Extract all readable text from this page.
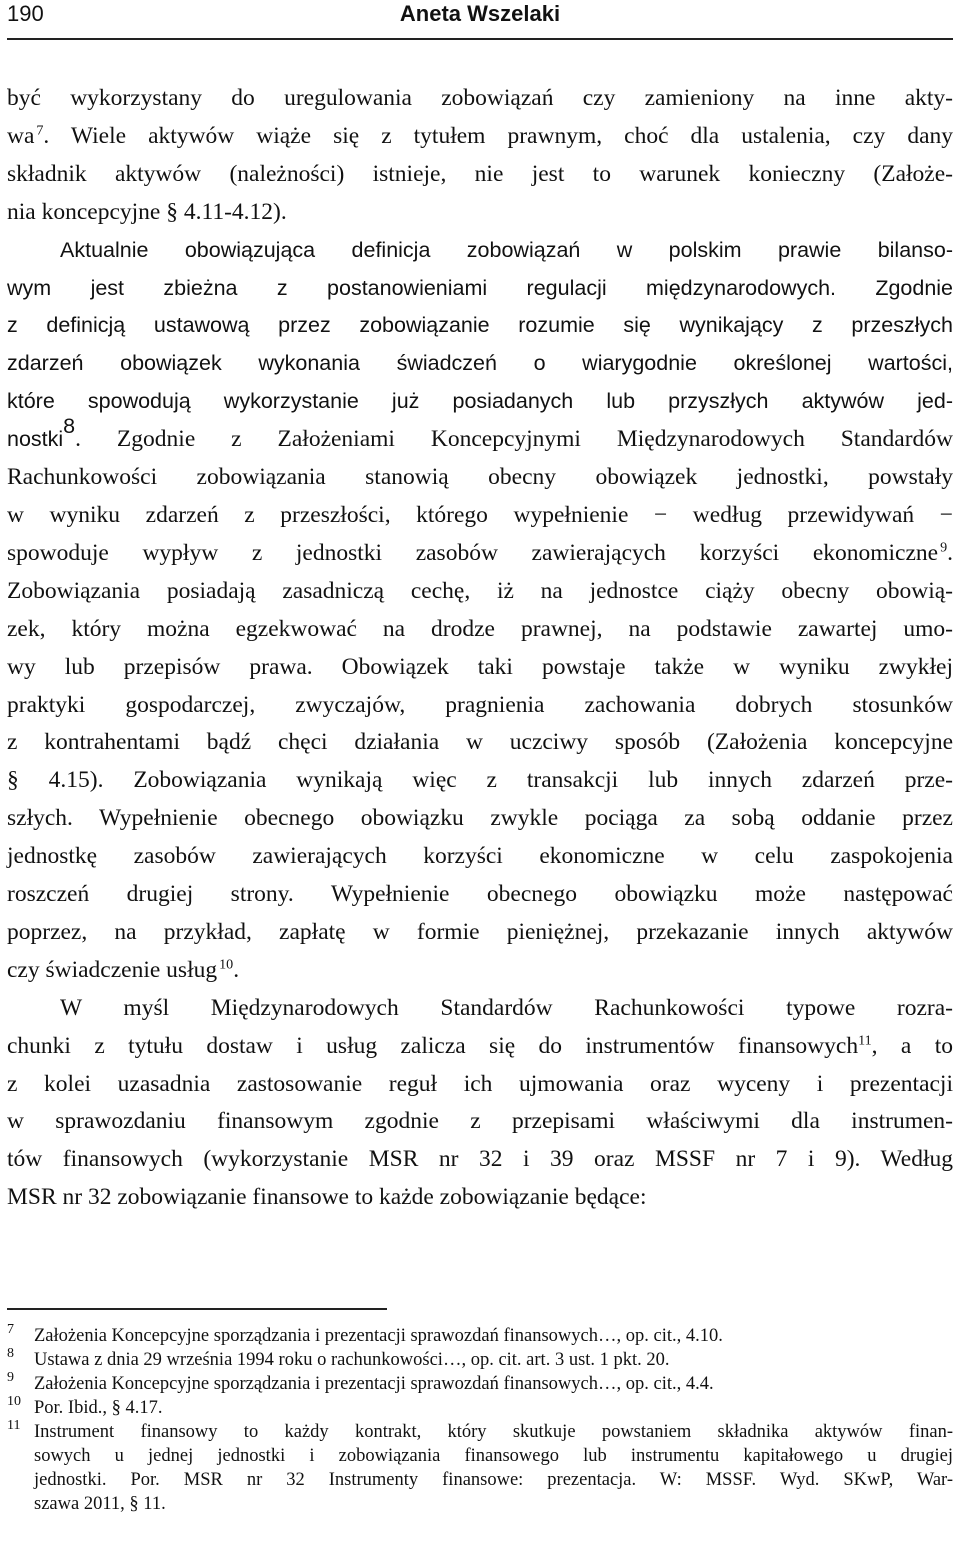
190	Aneta Wszelaki

być wykorzystany do uregulowania zobowiązań czy zamieniony na inne akty-
wa  $^7$. Wiele aktywów wiąże się z tytułem prawnym, choć dla ustalenia, czy dany
składnik aktywów (należności) istnieje, nie jest to warunek konieczny (Założe-
nia koncepcyjne § 4.11-4.12).

Aktualnie obowiązująca definicja zobowiązań w polskim prawie bilanso-
wym jest zbieżna z postanowieniami regulacji międzynarodowych. Zgodnie
z definicją ustawową przez zobowiązanie rozumie się wynikający z przeszłych
zdarzeń obowiązek wykonania świadczeń o wiarygodnie określonej wartości,
które spowodują wykorzystanie już posiadanych lub przyszłych aktywów jed-
nostki$^8$. Zgodnie z Założeniami Koncepcyjnymi Międzynarodowych Standardów
Rachunkowości zobowiązania stanowią obecny obowiązek jednostki, powstały
w wyniku zdarzeń z przeszłości, którego wypełnienie − według przewidywań −
spowoduje wypływ z jednostki zasobów zawierających korzyści ekonomiczne  $^9$.
Zobowiązania posiadają zasadniczą cechę, iż na jednostce ciąży obecny obowią-
zek, który można egzekwować na drodze prawnej, na podstawie zawartej umo-
wy lub przepisów prawa. Obowiązek taki powstaje także w wyniku zwykłej
praktyki gospodarczej, zwyczajów, pragnienia zachowania dobrych stosunków
z kontrahentami bądź chęci działania w uczciwy sposób (Założenia koncepcyjne
§ 4.15). Zobowiązania wynikają więc z transakcji lub innych zdarzeń prze-
szłych. Wypełnienie obecnego obowiązku zwykle pociąga za sobą oddanie przez
jednostkę zasobów zawierających korzyści ekonomiczne w celu zaspokojenia
roszczeń drugiej strony. Wypełnienie obecnego obowiązku może następować
poprzez, na przykład, zapłatę w formie pieniężnej, przekazanie innych aktywów
czy świadczenie usług  $^{10}$.

W myśl Międzynarodowych Standardów Rachunkowości typowe rozra-
chunki z tytułu dostaw i usług zalicza się do instrumentów finansowych$^{11}$, a to
z kolei uzasadnia zastosowanie reguł ich ujmowania oraz wyceny i prezentacji
w sprawozdaniu finansowym zgodnie z przepisami właściwymi dla instrumen-
tów finansowych (wykorzystanie MSR nr 32 i 39 oraz MSSF nr 7 i 9). Według
MSR nr 32 zobowiązanie finansowe to każde zobowiązanie będące:

7 Założenia Koncepcyjne sporządzania i prezentacji sprawozdań finansowych…, op. cit., 4.10.
8 Ustawa z dnia 29 września 1994 roku o rachunkowości…, op. cit. art. 3 ust. 1 pkt. 20.
9 Założenia Koncepcyjne sporządzania i prezentacji sprawozdań finansowych…, op. cit., 4.4.
10 Por. Ibid., § 4.17.
11 Instrument finansowy to każdy kontrakt, który skutkuje powstaniem składnika aktywów finan-
sowych u jednej jednostki i zobowiązania finansowego lub instrumentu kapitałowego u drugiej
jednostki. Por. MSR nr 32 Instrumenty finansowe: prezentacja. W: MSSF. Wyd. SKwP, War-
szawa 2011, § 11.
